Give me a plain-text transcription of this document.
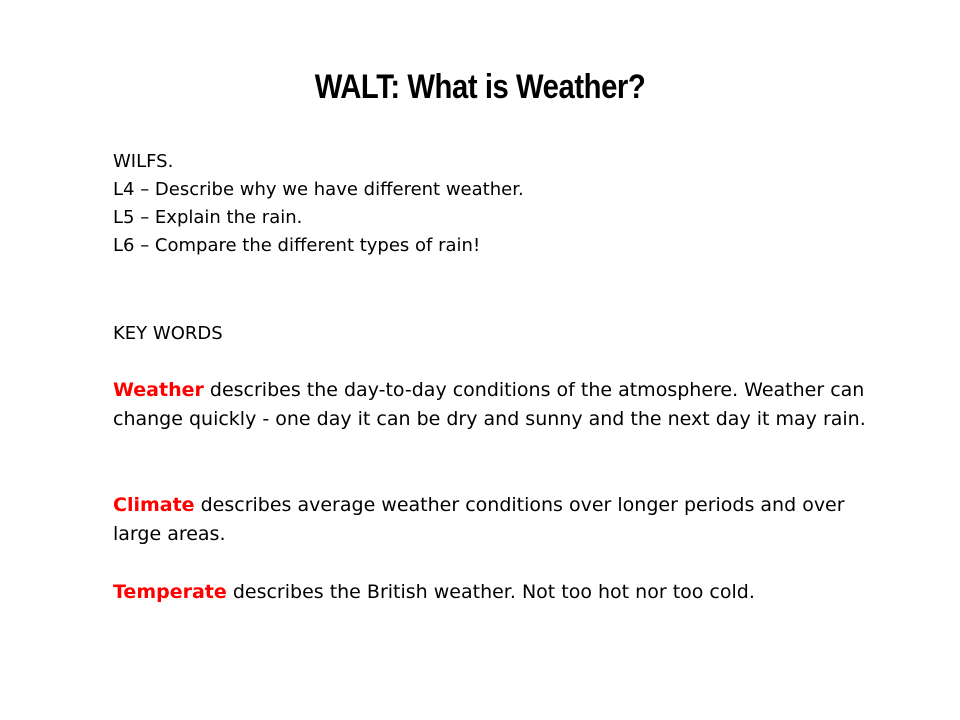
WALT: What is Weather?
WILFS.
L4 – Describe why we have different weather.
L5 – Explain the rain.
L6 – Compare the different types of rain!
KEY WORDS
Weather describes the day-to-day conditions of the atmosphere. Weather can change quickly - one day it can be dry and sunny and the next day it may rain.
Climate describes average weather conditions over longer periods and over large areas.
Temperate describes the British weather. Not too hot nor too cold.
